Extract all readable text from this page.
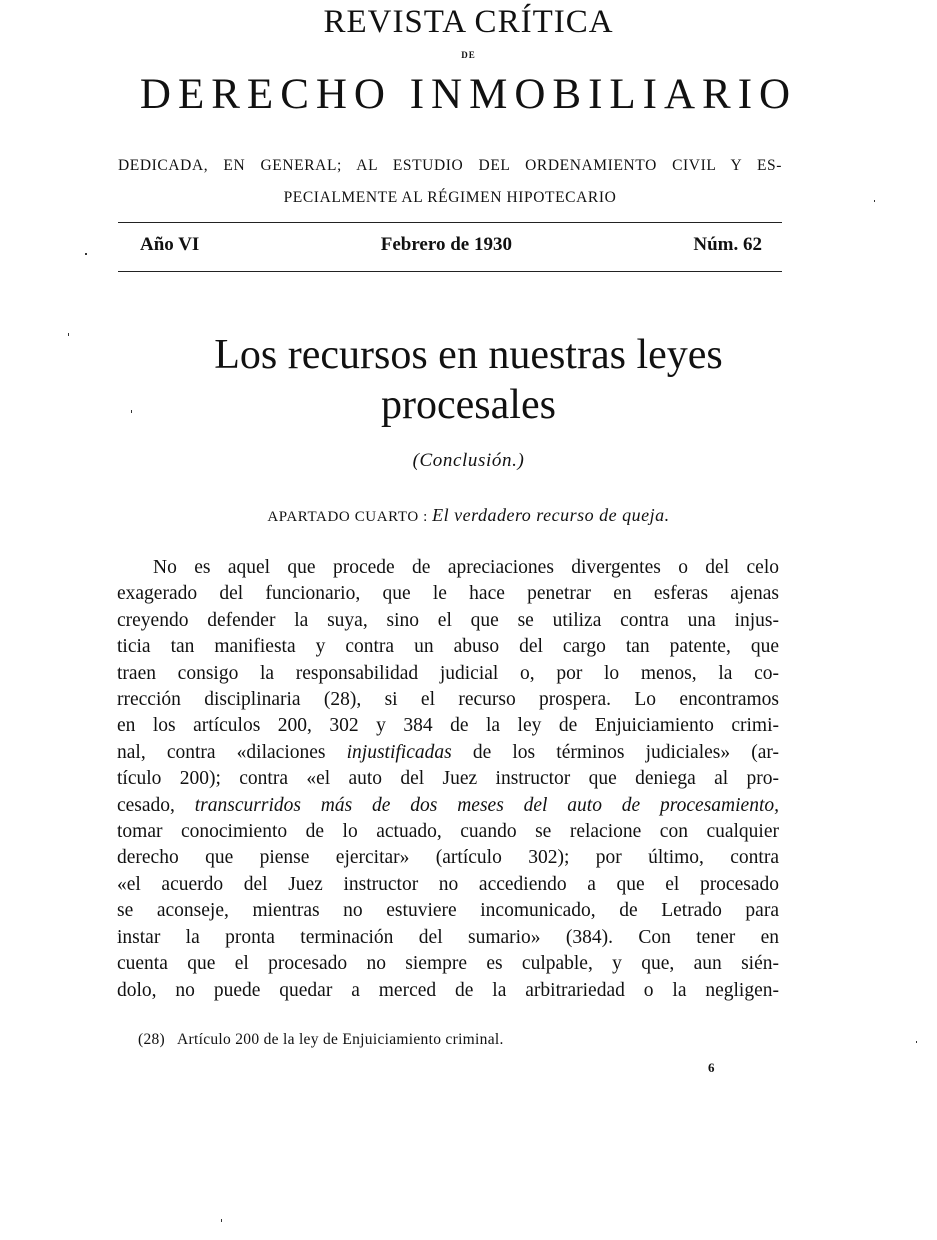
REVISTA CRÍTICA
DE
DERECHO INMOBILIARIO
DEDICADA, EN GENERAL; AL ESTUDIO DEL ORDENAMIENTO CIVIL Y ES-
PECIALMENTE AL RÉGIMEN HIPOTECARIO
Año VI	Febrero de 1930	Núm. 62
Los recursos en nuestras leyes
procesales
(Conclusión.)
APARTADO CUARTO : El verdadero recurso de queja.
No es aquel que procede de apreciaciones divergentes o del celo
exagerado del funcionario, que le hace penetrar en esferas ajenas
creyendo defender la suya, sino el que se utiliza contra una injus-
ticia tan manifiesta y contra un abuso del cargo tan patente, que
traen consigo la responsabilidad judicial o, por lo menos, la co-
rrección disciplinaria (28), si el recurso prospera. Lo encontramos
en los artículos 200, 302 y 384 de la ley de Enjuiciamiento crimi-
nal, contra «dilaciones injustificadas de los términos judiciales» (ar-
tículo 200); contra «el auto del Juez instructor que deniega al pro-
cesado, transcurridos más de dos meses del auto de procesamiento,
tomar conocimiento de lo actuado, cuando se relacione con cualquier
derecho que piense ejercitar» (artículo 302); por último, contra
«el acuerdo del Juez instructor no accediendo a que el procesado
se aconseje, mientras no estuviere incomunicado, de Letrado para
instar la pronta terminación del sumario» (384). Con tener en
cuenta que el procesado no siempre es culpable, y que, aun sién-
dolo, no puede quedar a merced de la arbitrariedad o la negligen-
(28) Artículo 200 de la ley de Enjuiciamiento criminal.
6
